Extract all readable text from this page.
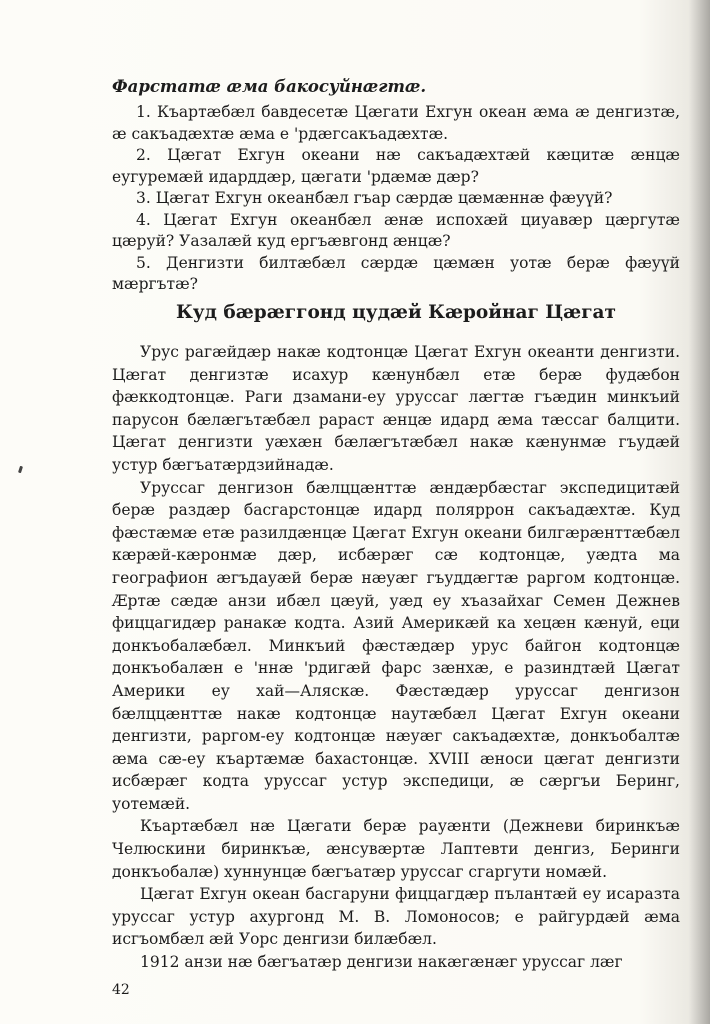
Фарстатæ æма бакосуйнæгтæ.
1. Къартæбæл бавдесетæ Цæгати Ехгун океан æма æ денгизтæ, æ сакъадæхтæ æма е 'рдæгсакъадæхтæ.
2. Цæгат Ехгун океани нæ сакъадæхтæй кæцитæ æнцæ еугуремæй идарддæр, цæгати 'рдæмæ дæр?
3. Цæгат Ехгун океанбæл гъар сæрдæ цæмæннæ фæуүй?
4. Цæгат Ехгун океанбæл æнæ испохæй циуавæр цæргутæ цæруй? Уазалæй куд ергъæвгонд æнцæ?
5. Денгизти билтæбæл сæрдæ цæмæн уотæ берæ фæуүй мæргътæ?
Куд бæрæггонд цудæй Кæройнаг Цæгат

Урус рагæйдæр накæ кодтонцæ Цæгат Ехгун океанти денгизти. Цæгат денгизтæ исахур кæнунбæл етæ берæ фудæбон фæккодтонцæ. Раги дзамани-еу уруссаг лæгтæ гъæдин минкъий парусон бæлæгътæбæл рараст æнцæ идард æма тæссаг балцити. Цæгат денгизти уæхæн бæлæгътæбæл накæ кæнунмæ гъудæй устур бæгъатæрдзийнадæ.

Уруссаг денгизон бæлццæнттæ æндæрбæстаг экспедицитæй берæ раздæр басгарстонцæ идард поляррон сакъадæхтæ. Куд фæстæмæ етæ разилдæнцæ Цæгат Ехгун океани билгæрæнттæбæл кæрæй-кæронмæ дæр, исбæрæг сæ кодтонцæ, уæдта ма географион æгъдауæй берæ нæуæг гъуддæгтæ раргом кодтонцæ. Æртæ сæдæ анзи ибæл цæуй, уæд еу хъазайхаг Семен Дежнев фиццагидæр ранакæ кодта. Азий Америкæй ка хецæн кæнуй, еци донкъобалæбæл. Минкъий фæстæдæр урус байгон кодтонцæ донкъобалæн е 'ннæ 'рдигæй фарс зæнхæ, е разиндтæй Цæгат Америки еу хай—Аляскæ. Фæстæдæр уруссаг денгизон бæлццæнттæ накæ кодтонцæ наутæбæл Цæгат Ехгун океани денгизти, раргом-еу кодтонцæ нæуæг сакъадæхтæ, донкъобалтæ æма сæ-еу къартæмæ бахастонцæ. XVIII æноси цæгат денгизти исбæрæг кодта уруссаг устур экспедици, æ сæргъи Беринг, уотемæй.

Къартæбæл нæ Цæгати берæ рауæнти (Дежневи биринкъæ Челюскини биринкъæ, æнсувæртæ Лаптевти денгиз, Беринги донкъобалæ) хуннунцæ бæгъатæр уруссаг сгаргути номæй.

Цæгат Ехгун океан басгаруни фиццагдæр пълантæй еу исаразта уруссаг устур ахургонд М. В. Ломоносов; е райгурдæй æма исгъомбæл æй Уорс денгизи билæбæл.

1912 анзи нæ бæгъатæр денгизи накæгæнæг уруссаг лæг

42
